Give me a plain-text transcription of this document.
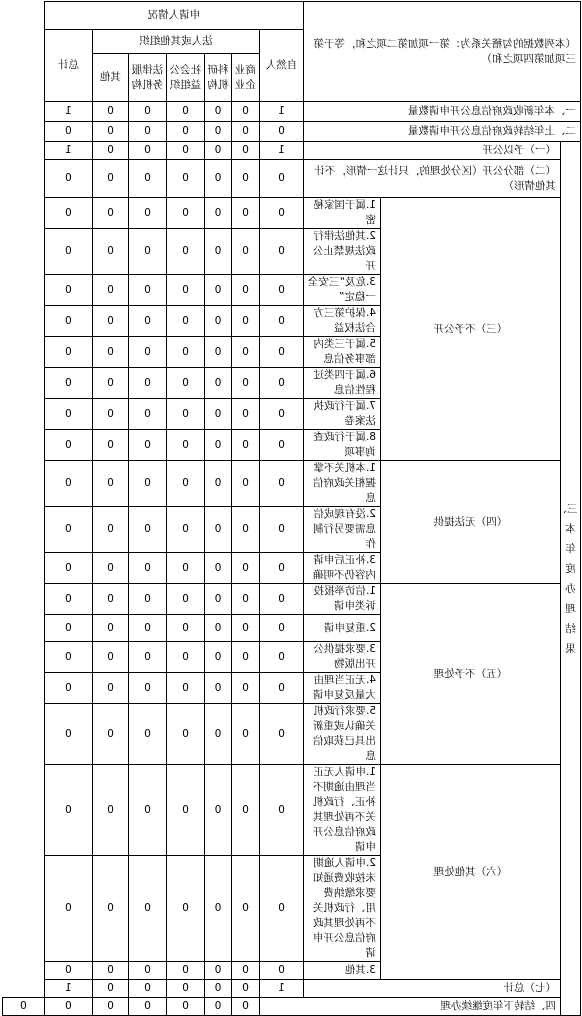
（本列数据的勾稽关系为：第一项加第二项之和，等于第三项加第四项之和）			申请人情况							
			自然人	法人或其他组织					总计	
				商业企业	科研机构	社会公益组织	法律服务机构	其他		
一、本年新收政府信息公开申请数量			1	0	0	0	0	0	1	
二、上年结转政府信息公开申请数量			0	0	0	0	0	0	0	
三、本年度办理结果	（一）予以公开		1	0	0	0	0	0	1	
	（二）部分公开（区分处理的，只计这一情形，不计其他情形）		0	0	0	0	0	0	0	
	（三）不予公开	1.属于国家秘密	0	0	0	0	0	0	0	
		2.其他法律行政法规禁止公开	0	0	0	0	0	0	0	
		3.危及“三安全一稳定”	0	0	0	0	0	0	0	
		4.保护第三方合法权益	0	0	0	0	0	0	0	
		5.属于三类内部事务信息	0	0	0	0	0	0	0	
		6.属于四类过程性信息	0	0	0	0	0	0	0	
		7.属于行政执法案卷	0	0	0	0	0	0	0	
		8.属于行政查询事项	0	0	0	0	0	0	0	
	（四）无法提供	1.本机关不掌握相关政府信息	0	0	0	0	0	0	0	
		2.没有现成信息需要另行制作	0	0	0	0	0	0	0	
		3.补正后申请内容仍不明确	0	0	0	0	0	0	0	
	（五）不予处理	1.信访举报投诉类申请	0	0	0	0	0	0	0	
		2.重复申请	0	0	0	0	0	0	0	
		3.要求提供公开出版物	0	0	0	0	0	0	0	
		4.无正当理由大量反复申请	0	0	0	0	0	0	0	
		5.要求行政机关确认或重新出具已获取信息	0	0	0	0	0	0	0	
	（六）其他处理	1.申请人无正当理由逾期不补正、行政机关不再处理其政府信息公开申请	0	0	0	0	0	0	0	
		2.申请人逾期未按收费通知要求缴纳费用、行政机关不再处理其政府信息公开申请	0	0	0	0	0	0	0	
		3.其他	0	0	0	0	0	0	0	
	（七）总计		1	0	0	0	0	0	1	
	四、结转下年度继续办理			0	0	0	0	0	0	0
